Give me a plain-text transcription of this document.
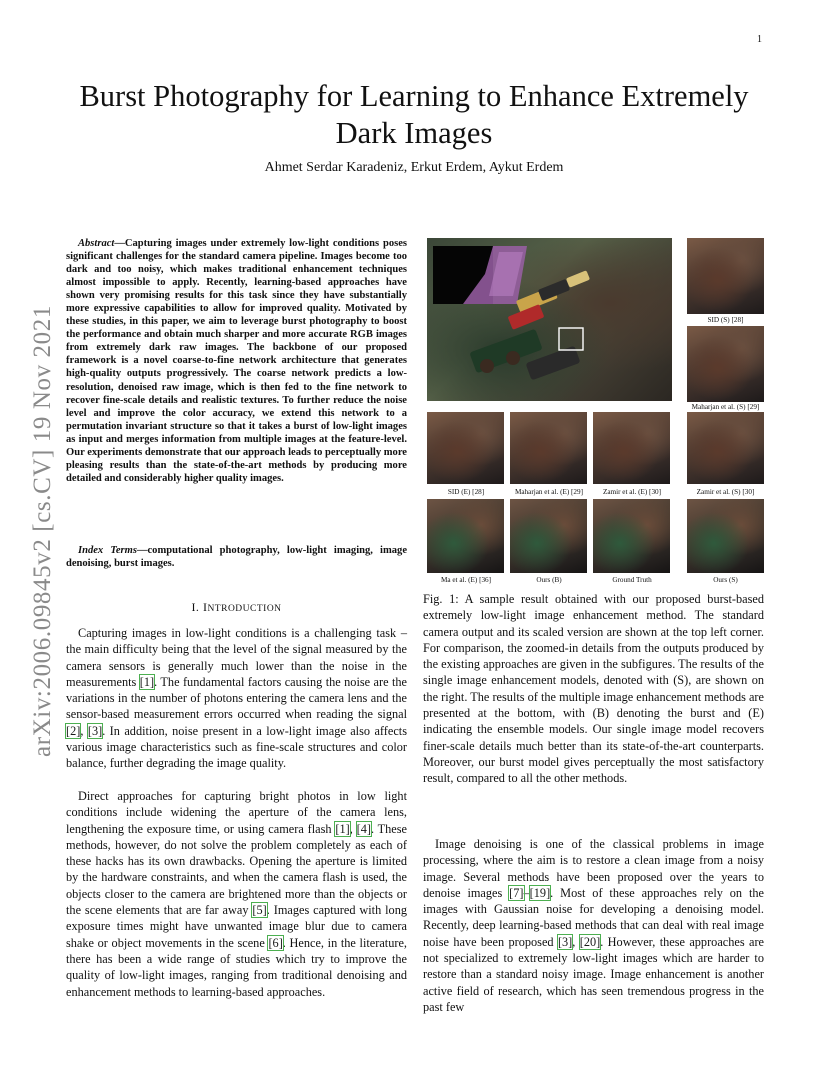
1
arXiv:2006.09845v2 [cs.CV] 19 Nov 2021
Burst Photography for Learning to Enhance Extremely Dark Images
Ahmet Serdar Karadeniz, Erkut Erdem, Aykut Erdem
Abstract—Capturing images under extremely low-light conditions poses significant challenges for the standard camera pipeline. Images become too dark and too noisy, which makes traditional enhancement techniques almost impossible to apply. Recently, learning-based approaches have shown very promising results for this task since they have substantially more expressive capabilities to allow for improved quality. Motivated by these studies, in this paper, we aim to leverage burst photography to boost the performance and obtain much sharper and more accurate RGB images from extremely dark raw images. The backbone of our proposed framework is a novel coarse-to-fine network architecture that generates high-quality outputs progressively. The coarse network predicts a low-resolution, denoised raw image, which is then fed to the fine network to recover fine-scale details and realistic textures. To further reduce the noise level and improve the color accuracy, we extend this network to a permutation invariant structure so that it takes a burst of low-light images as input and merges information from multiple images at the feature-level. Our experiments demonstrate that our approach leads to perceptually more pleasing results than the state-of-the-art methods by producing more detailed and considerably higher quality images.
Index Terms—computational photography, low-light imaging, image denoising, burst images.
I. INTRODUCTION

Capturing images in low-light conditions is a challenging task – the main difficulty being that the level of the signal measured by the camera sensors is generally much lower than the noise in the measurements [1]. The fundamental factors causing the noise are the variations in the number of photons entering the camera lens and the sensor-based measurement errors occurred when reading the signal [2], [3]. In addition, noise present in a low-light image also affects various image characteristics such as fine-scale structures and color balance, further degrading the image quality.

Direct approaches for capturing bright photos in low light conditions include widening the aperture of the camera lens, lengthening the exposure time, or using camera flash [1], [4]. These methods, however, do not solve the problem completely as each of these hacks has its own drawbacks. Opening the aperture is limited by the hardware constraints, and when the camera flash is used, the objects closer to the camera are brightened more than the objects or the scene elements that are far away [5]. Images captured with long exposure times might have unwanted image blur due to camera shake or object movements in the scene [6]. Hence, in the literature, there has been a wide range of studies which try to improve the quality of low-light images, ranging from traditional denoising and enhancement methods to learning-based approaches.

SID (S) [28]
Maharjan et al. (S) [29]
SID (E) [28]	Maharjan et al. (E) [29]	Zamir et al. (E) [30]	Zamir et al. (S) [30]
Ma et al. (E) [36]	Ours (B)	Ground Truth	Ours (S)

Fig. 1: A sample result obtained with our proposed burst-based extremely low-light image enhancement method. The standard camera output and its scaled version are shown at the top left corner. For comparison, the zoomed-in details from the outputs produced by the existing approaches are given in the subfigures. The results of the single image enhancement models, denoted with (S), are shown on the right. The results of the multiple image enhancement methods are presented at the bottom, with (B) denoting the burst and (E) indicating the ensemble models. Our single image model recovers finer-scale details much better than its state-of-the-art counterparts. Moreover, our burst model gives perceptually the most satisfactory result, compared to all the other methods.

Image denoising is one of the classical problems in image processing, where the aim is to restore a clean image from a noisy image. Several methods have been proposed over the years to denoise images [7]–[19]. Most of these approaches rely on the images with Gaussian noise for developing a denoising model. Recently, deep learning-based methods that can deal with real image noise have been proposed [3], [20]. However, these approaches are not specialized to extremely low-light images which are harder to restore than a standard noisy image. Image enhancement is another active field of research, which has seen tremendous progress in the past few
